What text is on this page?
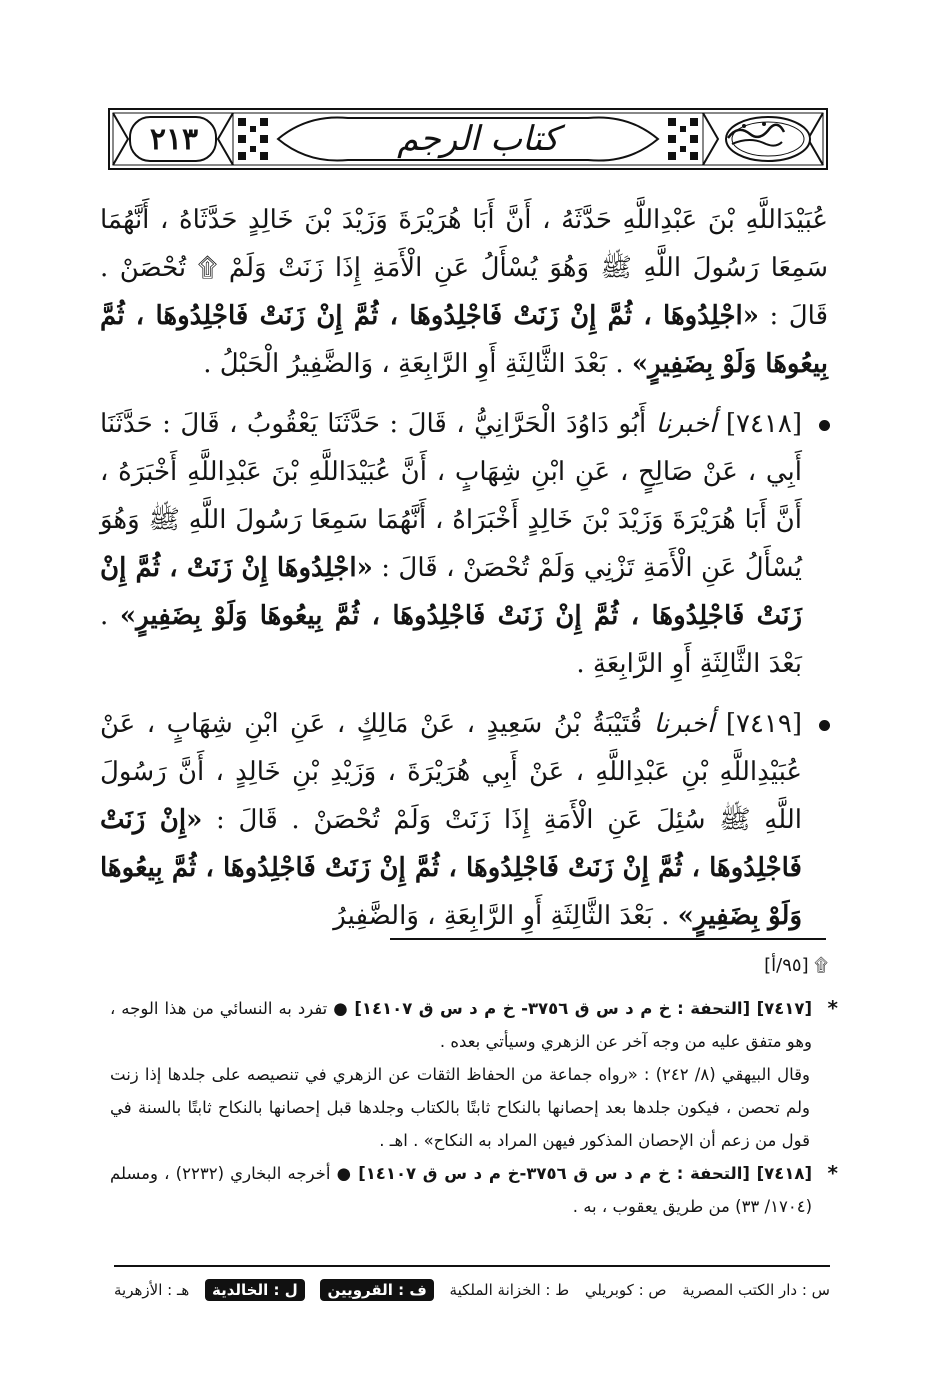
٢١٣	كتاب الرجم

عُبَيْدَاللَّهِ بْنَ عَبْدِاللَّهِ حَدَّثَهُ ، أَنَّ أَبَا هُرَيْرَةَ وَزَيْدَ بْنَ خَالِدٍ حَدَّثَاهُ ، أَنَّهُمَا سَمِعَا رَسُولَ اللَّهِ ﷺ وَهُوَ يُسْأَلُ عَنِ الْأَمَةِ إِذَا زَنَتْ وَلَمْ ۩ تُحْصَنْ . قَالَ : «اجْلِدُوهَا ، ثُمَّ إِنْ زَنَتْ فَاجْلِدُوهَا ، ثُمَّ إِنْ زَنَتْ فَاجْلِدُوهَا ، ثُمَّ بِيعُوهَا وَلَوْ بِضَفِيرٍ» . بَعْدَ الثَّالِثَةِ أَوِ الرَّابِعَةِ ، وَالضَّفِيرُ الْحَبْلُ .

[٧٤١٨] أخبرنا أَبُو دَاوُدَ الْحَرَّانِيُّ ، قَالَ : حَدَّثَنَا يَعْقُوبُ ، قَالَ : حَدَّثَنَا أَبِي ، عَنْ صَالِحٍ ، عَنِ ابْنِ شِهَابٍ ، أَنَّ عُبَيْدَاللَّهِ بْنَ عَبْدِاللَّهِ أَخْبَرَهُ ، أَنَّ أَبَا هُرَيْرَةَ وَزَيْدَ بْنَ خَالِدٍ أَخْبَرَاهُ ، أَنَّهُمَا سَمِعَا رَسُولَ اللَّهِ ﷺ وَهُوَ يُسْأَلُ عَنِ الْأَمَةِ تَزْنِي وَلَمْ تُحْصَنْ ، قَالَ : «اجْلِدُوهَا إِنْ زَنَتْ ، ثُمَّ إِنْ زَنَتْ فَاجْلِدُوهَا ، ثُمَّ إِنْ زَنَتْ فَاجْلِدُوهَا ، ثُمَّ بِيعُوهَا وَلَوْ بِضَفِيرٍ» . بَعْدَ الثَّالِثَةِ أَوِ الرَّابِعَةِ .

[٧٤١٩] أخبرنا قُتَيْبَةُ بْنُ سَعِيدٍ ، عَنْ مَالِكٍ ، عَنِ ابْنِ شِهَابٍ ، عَنْ عُبَيْدِاللَّهِ بْنِ عَبْدِاللَّهِ ، عَنْ أَبِي هُرَيْرَةَ ، وَزَيْدِ بْنِ خَالِدٍ ، أَنَّ رَسُولَ اللَّهِ ﷺ سُئِلَ عَنِ الْأَمَةِ إِذَا زَنَتْ وَلَمْ تُحْصَنْ . قَالَ : «إِنْ زَنَتْ فَاجْلِدُوهَا ، ثُمَّ إِنْ زَنَتْ فَاجْلِدُوهَا ، ثُمَّ إِنْ زَنَتْ فَاجْلِدُوهَا ، ثُمَّ بِيعُوهَا وَلَوْ بِضَفِيرٍ» . بَعْدَ الثَّالِثَةِ أَوِ الرَّابِعَةِ ، وَالضَّفِيرُ

۩ [٩٥/أ]

*
[٧٤١٧] [التحفة : خ م د س ق ٣٧٥٦- خ م د س ق ١٤١٠٧] ● تفرد به النسائي من هذا الوجه ، وهو متفق عليه من وجه آخر عن الزهري وسيأتي بعده .

وقال البيهقي (٨/ ٢٤٢) : «رواه جماعة من الحفاظ الثقات عن الزهري في تنصيصه على جلدها إذا زنت ولم تحصن ، فيكون جلدها بعد إحصانها بالنكاح ثابتًا بالكتاب وجلدها قبل إحصانها بالنكاح ثابتًا بالسنة في قول من زعم أن الإحصان المذكور فيهن المراد به النكاح» . اهـ .

*
[٧٤١٨] [التحفة : خ م د س ق ٣٧٥٦-خ م د س ق ١٤١٠٧] ● أخرجه البخاري (٢٢٣٢) ، ومسلم (١٧٠٤/ ٣٣) من طريق يعقوب ، به .

س : دار الكتب المصرية
ص : كوبريلي
ط : الخزانة الملكية
ف : القرويين
ل : الخالدية
هـ : الأزهرية
